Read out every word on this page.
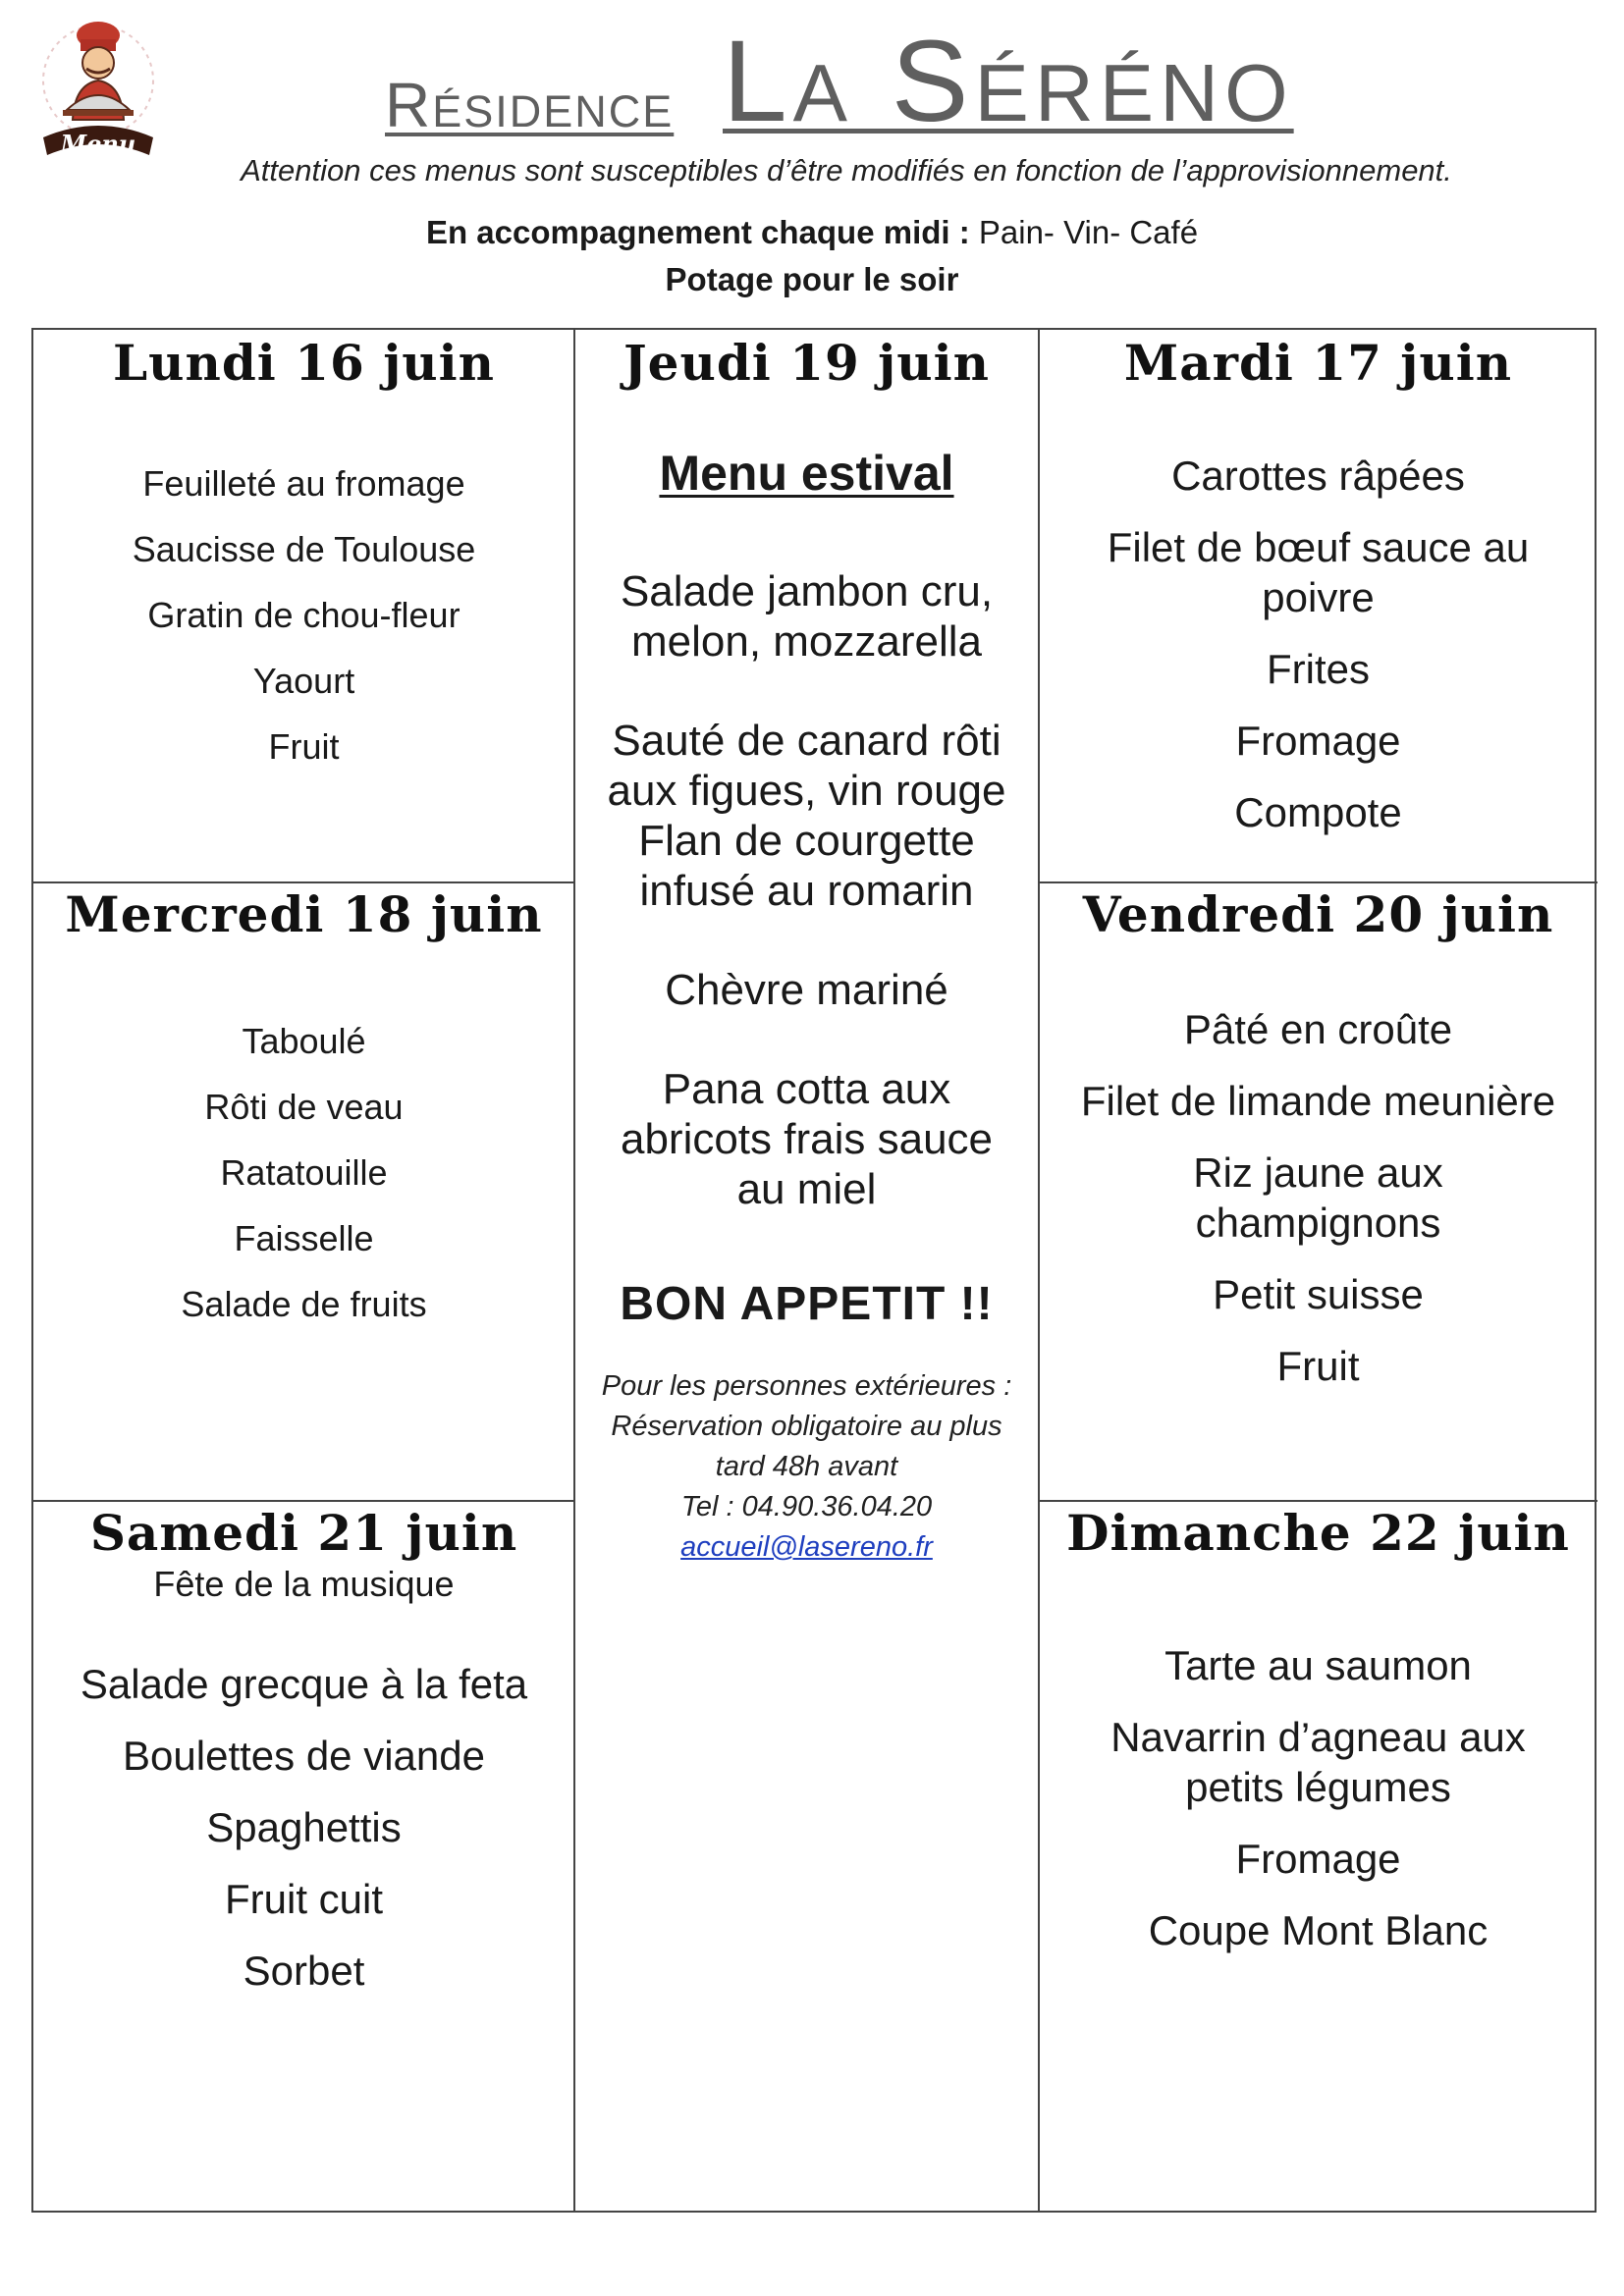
Menu
Résidence La Séréno
Attention ces menus sont susceptibles d’être modifiés en fonction de l’approvisionnement.
En accompagnement chaque midi : Pain- Vin- Café
Potage pour le soir
Lundi 16 juin
Feuilleté au fromage
Saucisse de Toulouse
Gratin de chou-fleur
Yaourt
Fruit
Mercredi 18 juin
Taboulé
Rôti de veau
Ratatouille
Faisselle
Salade de fruits
Samedi 21 juin
Fête de la musique
Salade grecque à la feta
Boulettes de viande
Spaghettis
Fruit cuit
Sorbet
Jeudi 19 juin
Menu estival
Salade jambon cru,
melon, mozzarella
Sauté de canard rôti
aux figues, vin rouge
Flan de courgette
infusé au romarin
Chèvre mariné
Pana cotta aux
abricots frais sauce
au miel
BON APPETIT !!
Pour les personnes extérieures :
Réservation obligatoire au plus
tard 48h avant
Tel : 04.90.36.04.20
accueil@lasereno.fr
Mardi 17 juin
Carottes râpées
Filet de bœuf sauce au
poivre
Frites
Fromage
Compote
Vendredi 20 juin
Pâté en croûte
Filet de limande meunière
Riz jaune aux
champignons
Petit suisse
Fruit
Dimanche 22 juin
Tarte au saumon
Navarrin d’agneau aux
petits légumes
Fromage
Coupe Mont Blanc
